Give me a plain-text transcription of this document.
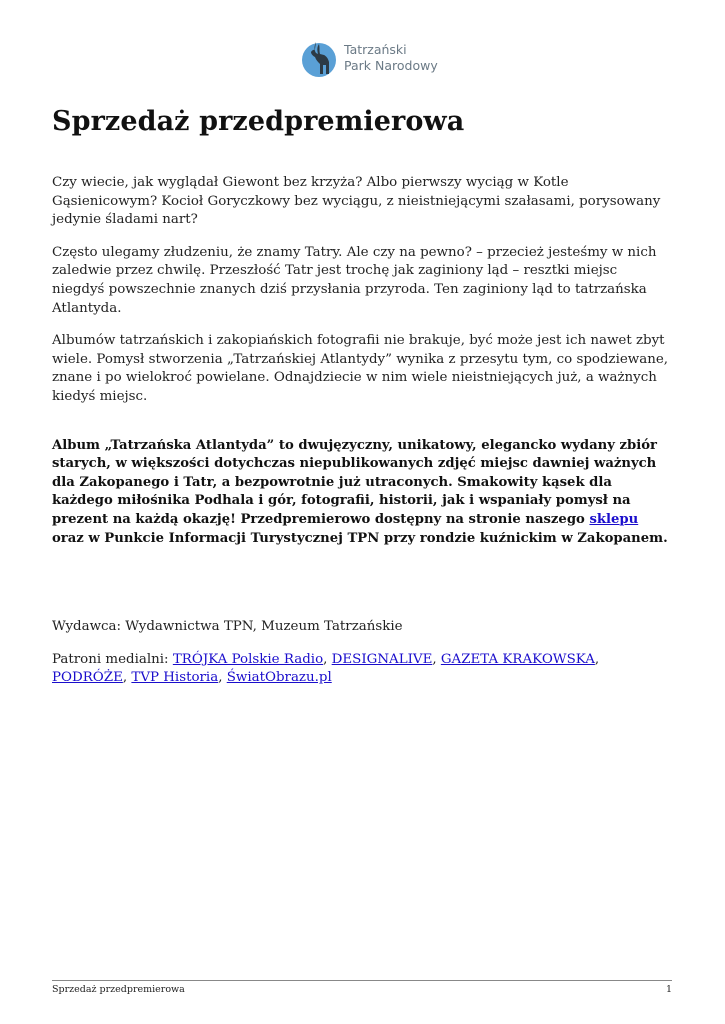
Tatrzański
Park Narodowy
Sprzedaż przedpremierowa

Czy wiecie, jak wyglądał Giewont bez krzyża? Albo pierwszy wyciąg w Kotle Gąsienicowym? Kocioł Goryczkowy bez wyciągu, z nieistniejącymi szałasami, porysowany jedynie śladami nart?

Często ulegamy złudzeniu, że znamy Tatry. Ale czy na pewno? – przecież jesteśmy w nich zaledwie przez chwilę. Przeszłość Tatr jest trochę jak zaginiony ląd – resztki miejsc niegdyś powszechnie znanych dziś przysłania przyroda. Ten zaginiony ląd to tatrzańska Atlantyda.

Albumów tatrzańskich i zakopiańskich fotografii nie brakuje, być może jest ich nawet zbyt wiele. Pomysł stworzenia „Tatrzańskiej Atlantydy” wynika z przesytu tym, co spodziewane, znane i po wielokroć powielane. Odnajdziecie w nim wiele nieistniejących już, a ważnych kiedyś miejsc.

Album „Tatrzańska Atlantyda” to dwujęzyczny, unikatowy, elegancko wydany zbiór starych, w większości dotychczas niepublikowanych zdjęć miejsc dawniej ważnych dla Zakopanego i Tatr, a bezpowrotnie już utraconych. Smakowity kąsek dla każdego miłośnika Podhala i gór, fotografii, historii, jak i wspaniały pomysł na prezent na każdą okazję! Przedpremierowo dostępny na stronie naszego sklepu oraz w Punkcie Informacji Turystycznej TPN przy rondzie kuźnickim w Zakopanem.

Wydawca: Wydawnictwa TPN, Muzeum Tatrzańskie

Patroni medialni: TRÓJKA Polskie Radio, DESIGNALIVE, GAZETA KRAKOWSKA, PODRÓŻE, TVP Historia, ŚwiatObrazu.pl

Sprzedaż przedpremierowa	1
